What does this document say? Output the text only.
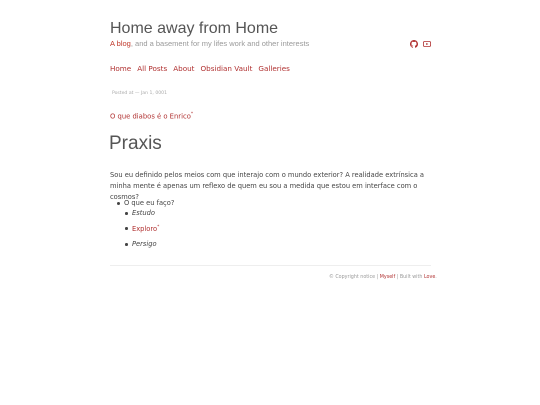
Home away from Home
A blog, and a basement for my lifes work and other interests
Home All Posts About Obsidian Vault Galleries
Posted at — Jan 1, 0001
O que diabos é o Enrico*
Praxis

Sou eu definido pelos meios com que interajo com o mundo exterior? A realidade extrínsica a minha mente é apenas um reflexo de quem eu sou a medida que estou em interface com o cosmos?

O que eu faço?
Estudo
Exploro*
Persigo
© Copyright notice | Myself | Built with Love.
